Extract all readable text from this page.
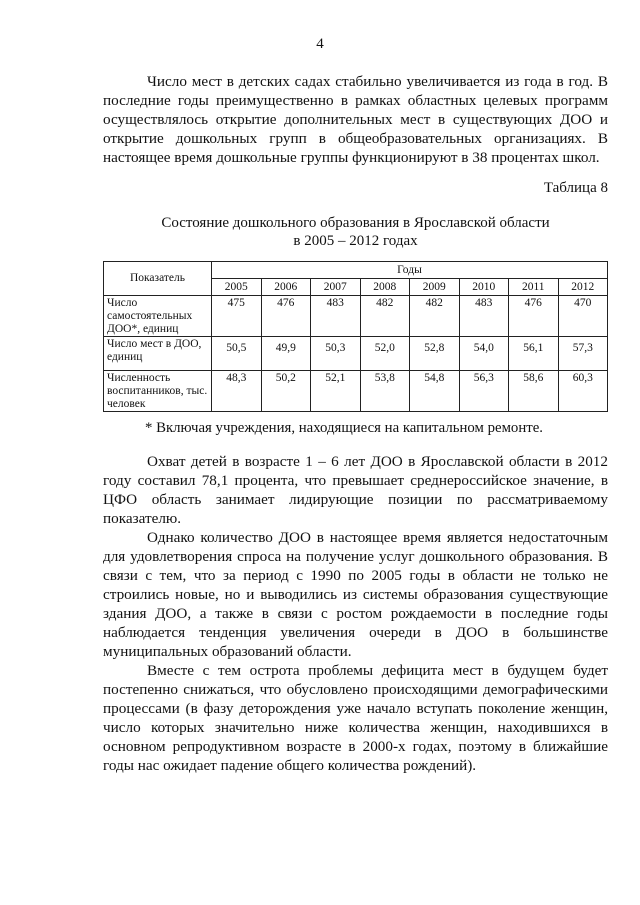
4

Число мест в детских садах стабильно увеличивается из года в год. В последние годы преимущественно в рамках областных целевых программ осуществлялось открытие дополнительных мест в существующих ДОО и открытие дошкольных групп в общеобразовательных организациях. В настоящее время дошкольные группы функционируют в 38 процентах школ.

Таблица 8
Состояние дошкольного образования в Ярославской области
в 2005 – 2012 годах
Показатель	Годы							
	2005	2006	2007	2008	2009	2010	2011	2012
Число самостоятельных ДОО*, единиц	475	476	483	482	482	483	476	470
Число мест в ДОО, единиц	50,5	49,9	50,3	52,0	52,8	54,0	56,1	57,3
Численность воспитанников, тыс. человек	48,3	50,2	52,1	53,8	54,8	56,3	58,6	60,3
* Включая учреждения, находящиеся на капитальном ремонте.

Охват детей в возрасте 1 – 6 лет ДОО в Ярославской области в 2012 году составил 78,1 процента, что превышает среднероссийское значение, в ЦФО область занимает лидирующие позиции по рассматриваемому показателю.

Однако количество ДОО в настоящее время является недостаточным для удовлетворения спроса на получение услуг дошкольного образования. В связи с тем, что за период с 1990 по 2005 годы в области не только не строились новые, но и выводились из системы образования существующие здания ДОО, а также в связи с ростом рождаемости в последние годы наблюдается тенденция увеличения очереди в ДОО в большинстве муниципальных образований области.

Вместе с тем острота проблемы дефицита мест в будущем будет постепенно снижаться, что обусловлено происходящими демографическими процессами (в фазу деторождения уже начало вступать поколение женщин, число которых значительно ниже количества женщин, находившихся в основном репродуктивном возрасте в 2000-х годах, поэтому в ближайшие годы нас ожидает падение общего количества рождений).
